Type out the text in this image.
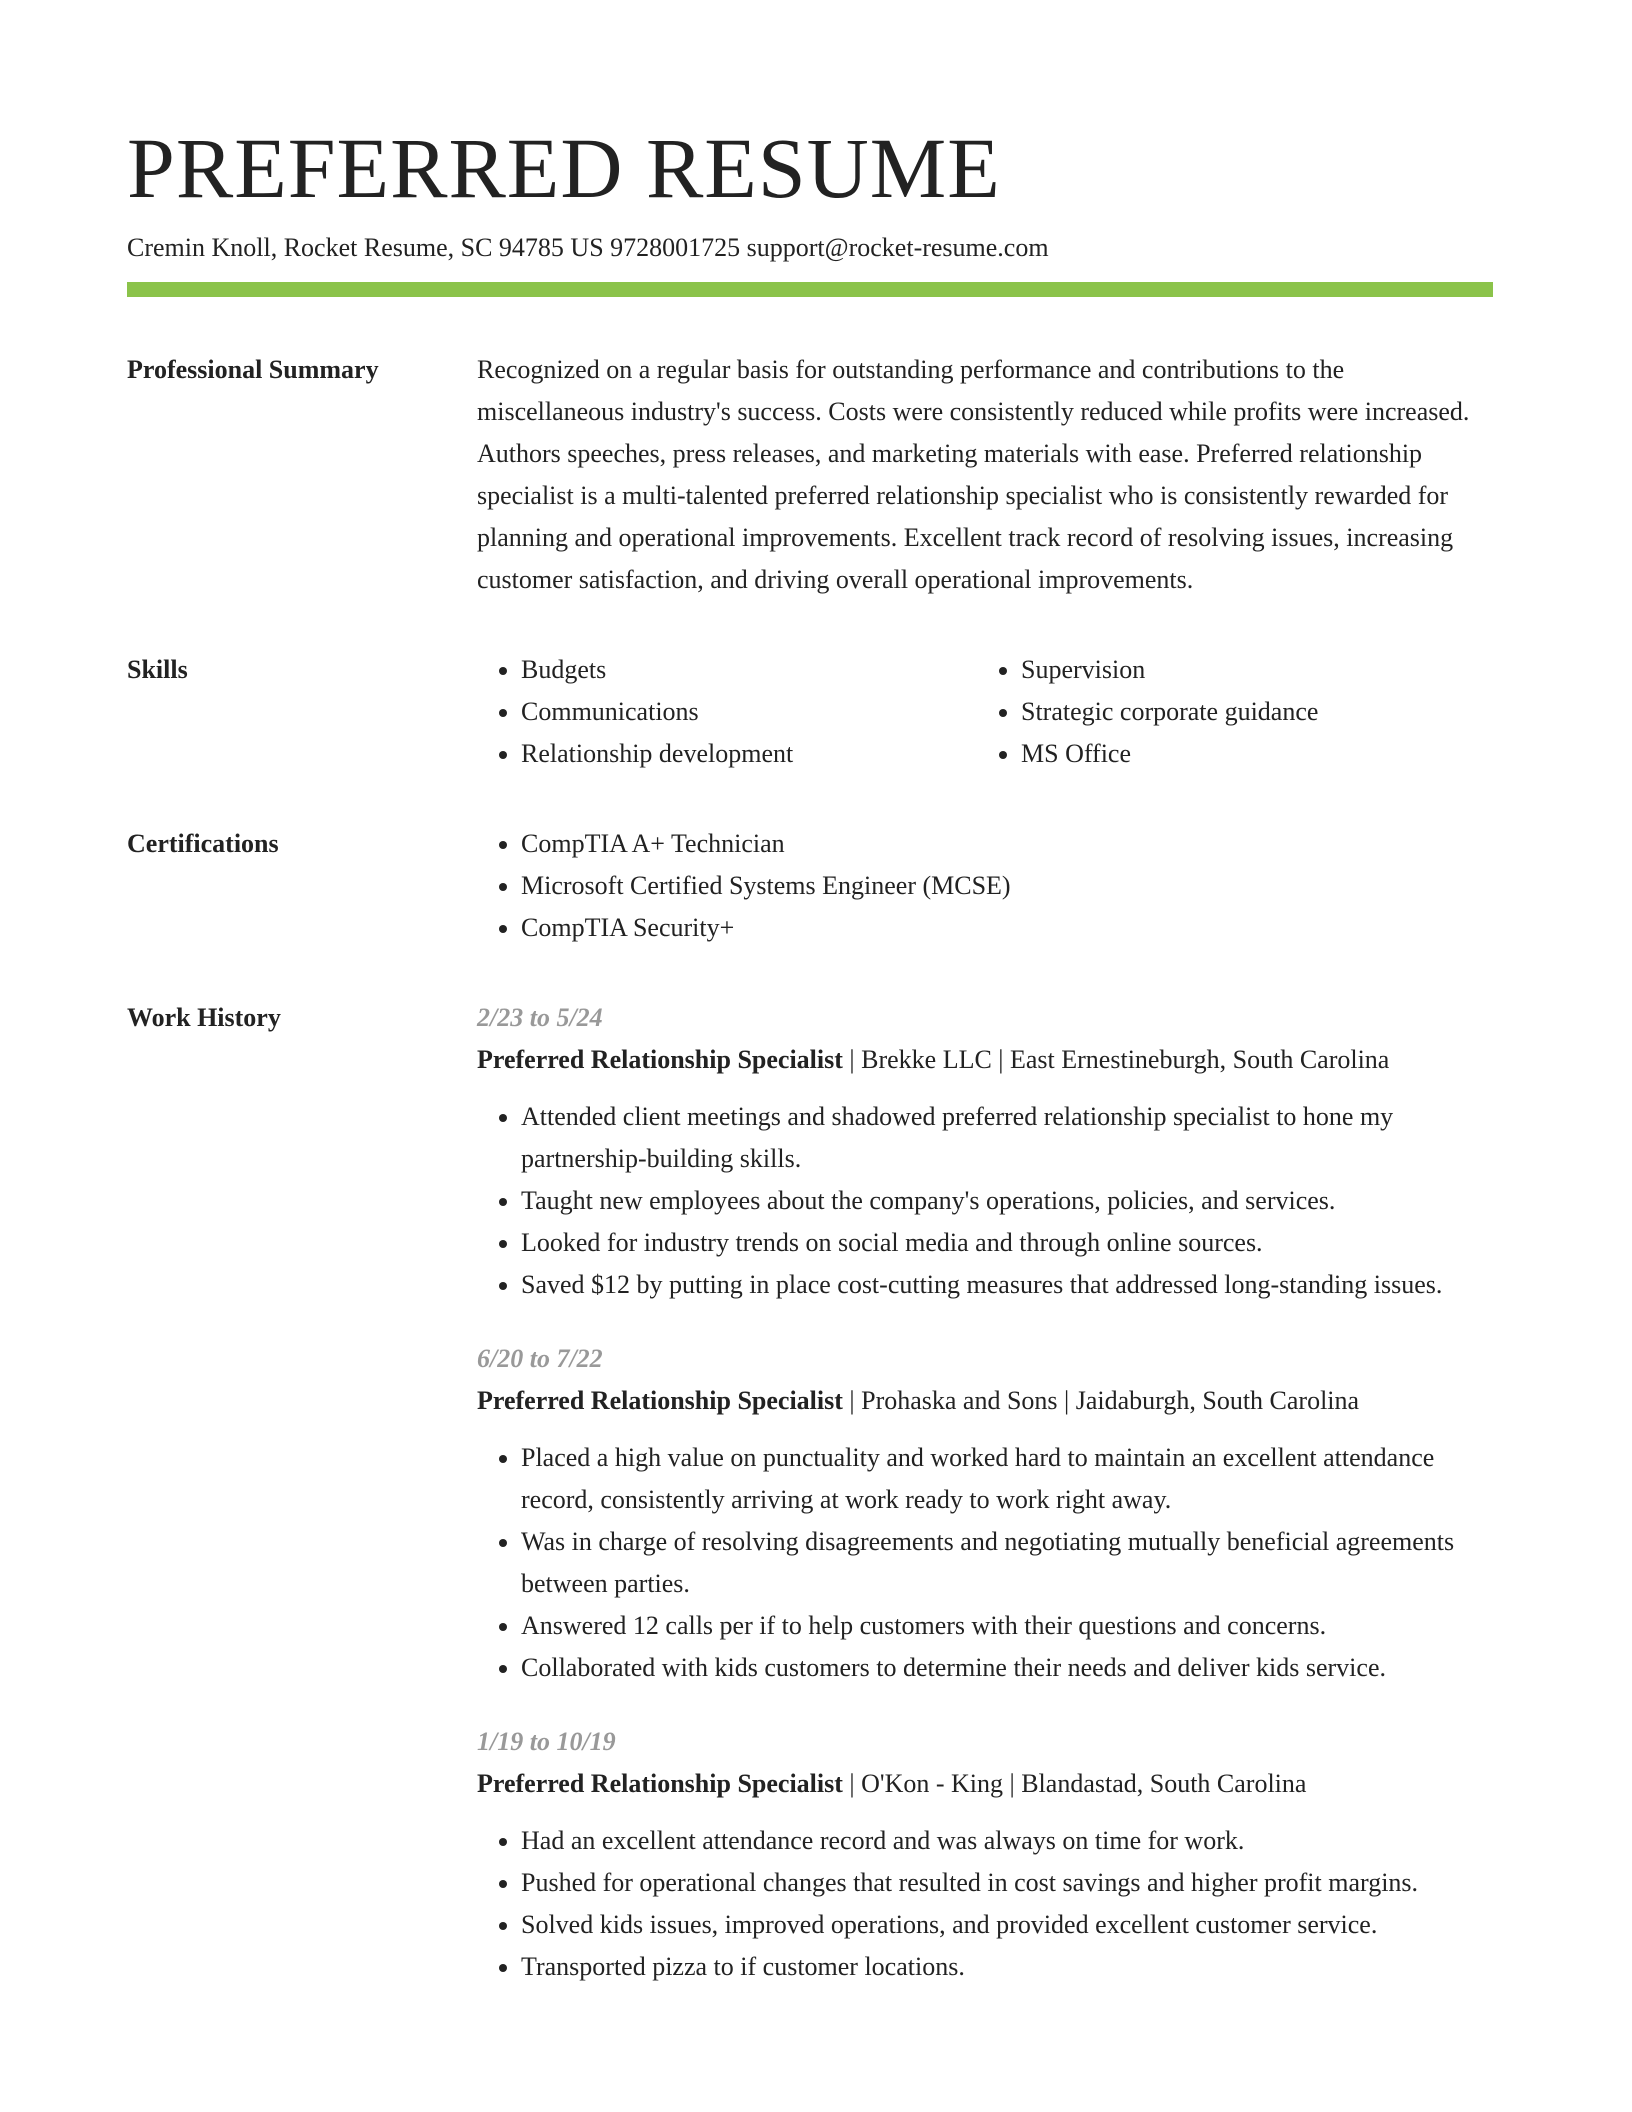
PREFERRED RESUME
Cremin Knoll, Rocket Resume, SC 94785 US 9728001725 support@rocket-resume.com
Professional Summary	Recognized on a regular basis for outstanding performance and contributions to the miscellaneous industry's success. Costs were consistently reduced while profits were increased. Authors speeches, press releases, and marketing materials with ease. Preferred relationship specialist is a multi-talented preferred relationship specialist who is consistently rewarded for planning and operational improvements. Excellent track record of resolving issues, increasing customer satisfaction, and driving overall operational improvements.
Skills	• Budgets
• Communications
• Relationship development
• Supervision
• Strategic corporate guidance
• MS Office
Certifications	• CompTIA A+ Technician
• Microsoft Certified Systems Engineer (MCSE)
• CompTIA Security+
Work History	2/23 to 5/24
Preferred Relationship Specialist | Brekke LLC | East Ernestineburgh, South Carolina
• Attended client meetings and shadowed preferred relationship specialist to hone my partnership-building skills.
• Taught new employees about the company's operations, policies, and services.
• Looked for industry trends on social media and through online sources.
• Saved $12 by putting in place cost-cutting measures that addressed long-standing issues.
6/20 to 7/22
Preferred Relationship Specialist | Prohaska and Sons | Jaidaburgh, South Carolina
• Placed a high value on punctuality and worked hard to maintain an excellent attendance record, consistently arriving at work ready to work right away.
• Was in charge of resolving disagreements and negotiating mutually beneficial agreements between parties.
• Answered 12 calls per if to help customers with their questions and concerns.
• Collaborated with kids customers to determine their needs and deliver kids service.
1/19 to 10/19
Preferred Relationship Specialist | O'Kon - King | Blandastad, South Carolina
• Had an excellent attendance record and was always on time for work.
• Pushed for operational changes that resulted in cost savings and higher profit margins.
• Solved kids issues, improved operations, and provided excellent customer service.
• Transported pizza to if customer locations.
